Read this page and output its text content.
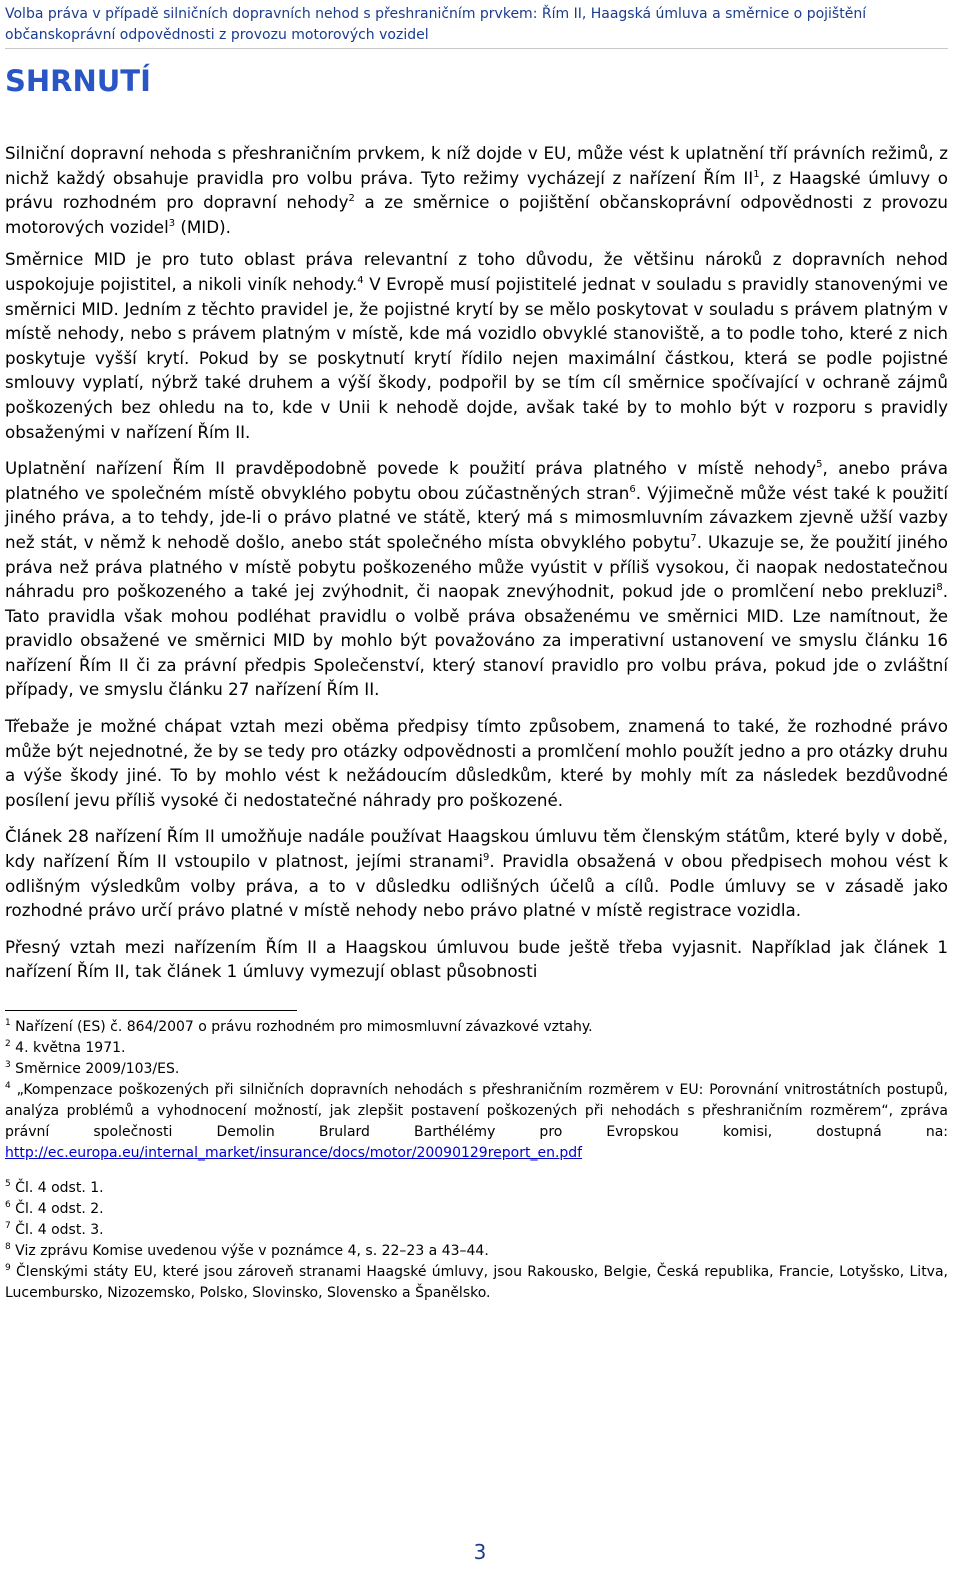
Volba práva v případě silničních dopravních nehod s přeshraničním prvkem: Řím II, Haagská úmluva a směrnice o pojištění občanskoprávní odpovědnosti z provozu motorových vozidel
SHRNUTÍ

Silniční dopravní nehoda s přeshraničním prvkem, k níž dojde v EU, může vést k uplatnění tří právních režimů, z nichž každý obsahuje pravidla pro volbu práva. Tyto režimy vycházejí z nařízení Řím $II^1$, z Haagské úmluvy o právu rozhodném pro dopravní nehody$^2$ a ze směrnice o pojištění občanskoprávní odpovědnosti z provozu motorových vozidel$^3$ (MID).

Směrnice MID je pro tuto oblast práva relevantní z toho důvodu, že většinu nároků z dopravních nehod uspokojuje pojistitel, a nikoli viník nehody.$^4$ V Evropě musí pojistitelé jednat v souladu s pravidly stanovenými ve směrnici MID. Jedním z těchto pravidel je, že pojistné krytí by se mělo poskytovat v souladu s právem platným v místě nehody, nebo s právem platným v místě, kde má vozidlo obvyklé stanoviště, a to podle toho, které z nich poskytuje vyšší krytí. Pokud by se poskytnutí krytí řídilo nejen maximální částkou, která se podle pojistné smlouvy vyplatí, nýbrž také druhem a výší škody, podpořil by se tím cíl směrnice spočívající v ochraně zájmů poškozených bez ohledu na to, kde v Unii k nehodě dojde, avšak také by to mohlo být v rozporu s pravidly obsaženými v nařízení Řím II.

Uplatnění nařízení Řím II pravděpodobně povede k použití práva platného v místě nehody$^5$, anebo práva platného ve společném místě obvyklého pobytu obou zúčastněných stran$^6$. Výjimečně může vést také k použití jiného práva, a to tehdy, jde-li o právo platné ve státě, který má s mimosmluvním závazkem zjevně užší vazby než stát, v němž k nehodě došlo, anebo stát společného místa obvyklého pobytu$^7$. Ukazuje se, že použití jiného práva než práva platného v místě pobytu poškozeného může vyústit v příliš vysokou, či naopak nedostatečnou náhradu pro poškozeného a také jej zvýhodnit, či naopak znevýhodnit, pokud jde o promlčení nebo prekluzi$^8$. Tato pravidla však mohou podléhat pravidlu o volbě práva obsaženému ve směrnici MID. Lze namítnout, že pravidlo obsažené ve směrnici MID by mohlo být považováno za imperativní ustanovení ve smyslu článku 16 nařízení Řím II či za právní předpis Společenství, který stanoví pravidlo pro volbu práva, pokud jde o zvláštní případy, ve smyslu článku 27 nařízení Řím II.

Třebaže je možné chápat vztah mezi oběma předpisy tímto způsobem, znamená to také, že rozhodné právo může být nejednotné, že by se tedy pro otázky odpovědnosti a promlčení mohlo použít jedno a pro otázky druhu a výše škody jiné. To by mohlo vést k nežádoucím důsledkům, které by mohly mít za následek bezdůvodné posílení jevu příliš vysoké či nedostatečné náhrady pro poškozené.

Článek 28 nařízení Řím II umožňuje nadále používat Haagskou úmluvu těm členským státům, které byly v době, kdy nařízení Řím II vstoupilo v platnost, jejími stranami$^9$. Pravidla obsažená v obou předpisech mohou vést k odlišným výsledkům volby práva, a to v důsledku odlišných účelů a cílů. Podle úmluvy se v zásadě jako rozhodné právo určí právo platné v místě nehody nebo právo platné v místě registrace vozidla.

Přesný vztah mezi nařízením Řím II a Haagskou úmluvou bude ještě třeba vyjasnit. Například jak článek 1 nařízení Řím II, tak článek 1 úmluvy vymezují oblast působnosti

$^1$ Nařízení (ES) č. 864/2007 o právu rozhodném pro mimosmluvní závazkové vztahy.

$^2$ 4. května 1971.

$^3$ Směrnice 2009/103/ES.

$^4$ „Kompenzace poškozených při silničních dopravních nehodách s přeshraničním rozměrem v EU: Porovnání vnitrostátních postupů, analýza problémů a vyhodnocení možností, jak zlepšit postavení poškozených při nehodách s přeshraničním rozměrem“, zpráva právní společnosti Demolin Brulard Barthélémy pro Evropskou komisi, dostupná na: http://ec.europa.eu/internal_market/insurance/docs/motor/20090129report_en.pdf

$^5$ Čl. 4 odst. 1.

$^6$ Čl. 4 odst. 2.

$^7$ Čl. 4 odst. 3.

$^8$ Viz zprávu Komise uvedenou výše v poznámce 4, s. 22–23 a 43–44.

$^9$ Členskými státy EU, které jsou zároveň stranami Haagské úmluvy, jsou Rakousko, Belgie, Česká republika, Francie, Lotyšsko, Litva, Lucembursko, Nizozemsko, Polsko, Slovinsko, Slovensko a Španělsko.

3
